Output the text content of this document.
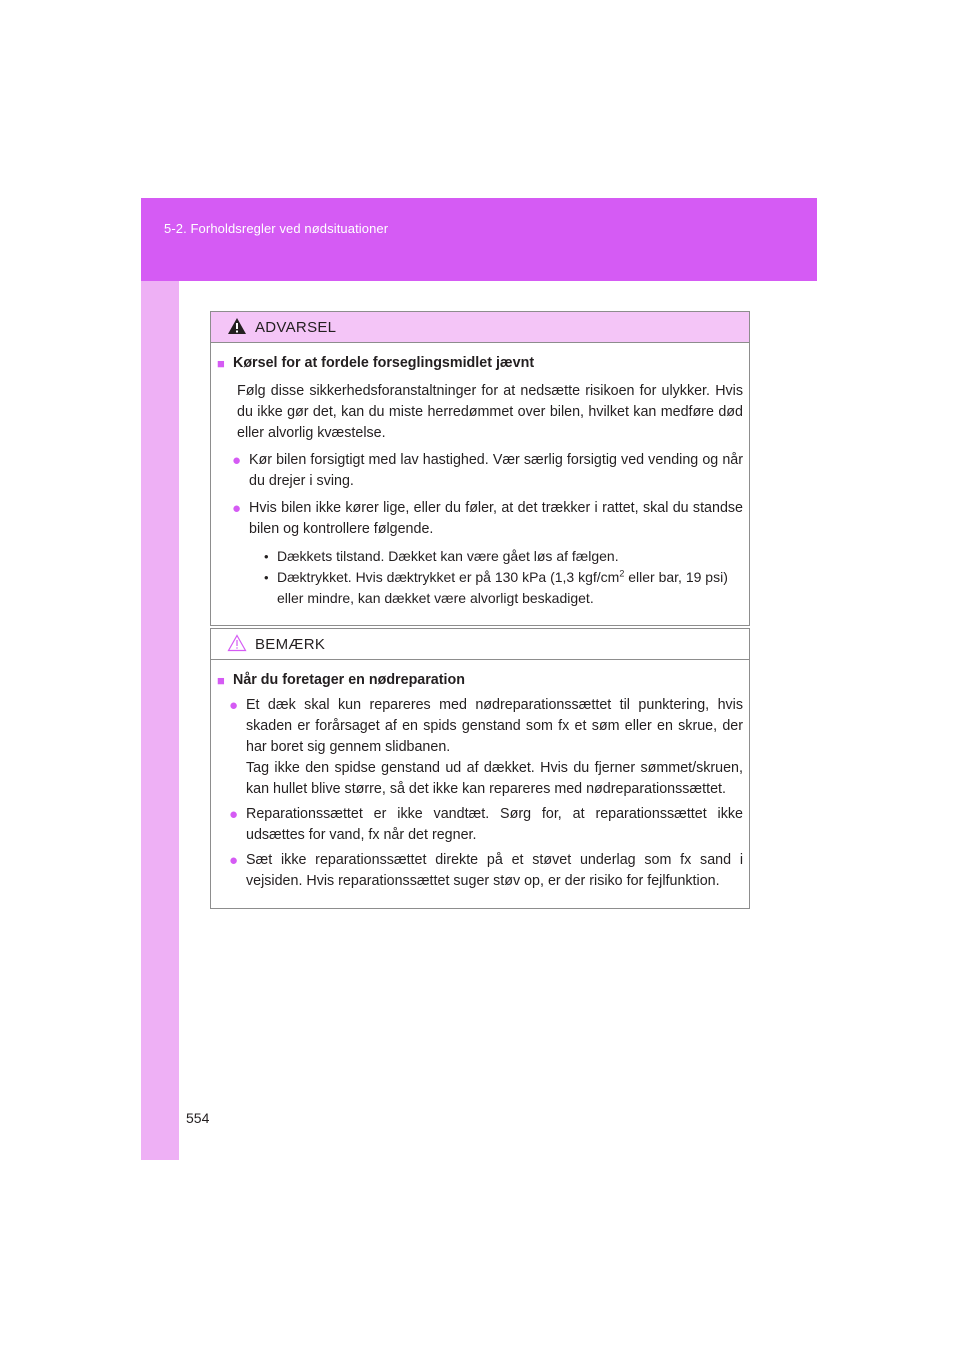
5-2. Forholdsregler ved nødsituationer
ADVARSEL
■ Kørsel for at fordele forseglingsmidlet jævnt
Følg disse sikkerhedsforanstaltninger for at nedsætte risikoen for ulykker. Hvis du ikke gør det, kan du miste herredømmet over bilen, hvilket kan medføre død eller alvorlig kvæstelse.
● Kør bilen forsigtigt med lav hastighed. Vær særlig forsigtig ved vending og når du drejer i sving.
● Hvis bilen ikke kører lige, eller du føler, at det trækker i rattet, skal du standse bilen og kontrollere følgende.
• Dækkets tilstand. Dækket kan være gået løs af fælgen.
• Dæktrykket. Hvis dæktrykket er på 130 kPa (1,3 kgf/$cm^2$ eller bar, 19 psi) eller mindre, kan dækket være alvorligt beskadiget.
BEMÆRK
■ Når du foretager en nødreparation
● Et dæk skal kun repareres med nødreparationssættet til punktering, hvis skaden er forårsaget af en spids genstand som fx et søm eller en skrue, der har boret sig gennem slidbanen.
Tag ikke den spidse genstand ud af dækket. Hvis du fjerner sømmet/skruen, kan hullet blive større, så det ikke kan repareres med nødreparationssættet.
● Reparationssættet er ikke vandtæt. Sørg for, at reparationssættet ikke udsættes for vand, fx når det regner.
● Sæt ikke reparationssættet direkte på et støvet underlag som fx sand i vejsiden. Hvis reparationssættet suger støv op, er der risiko for fejlfunktion.
554
